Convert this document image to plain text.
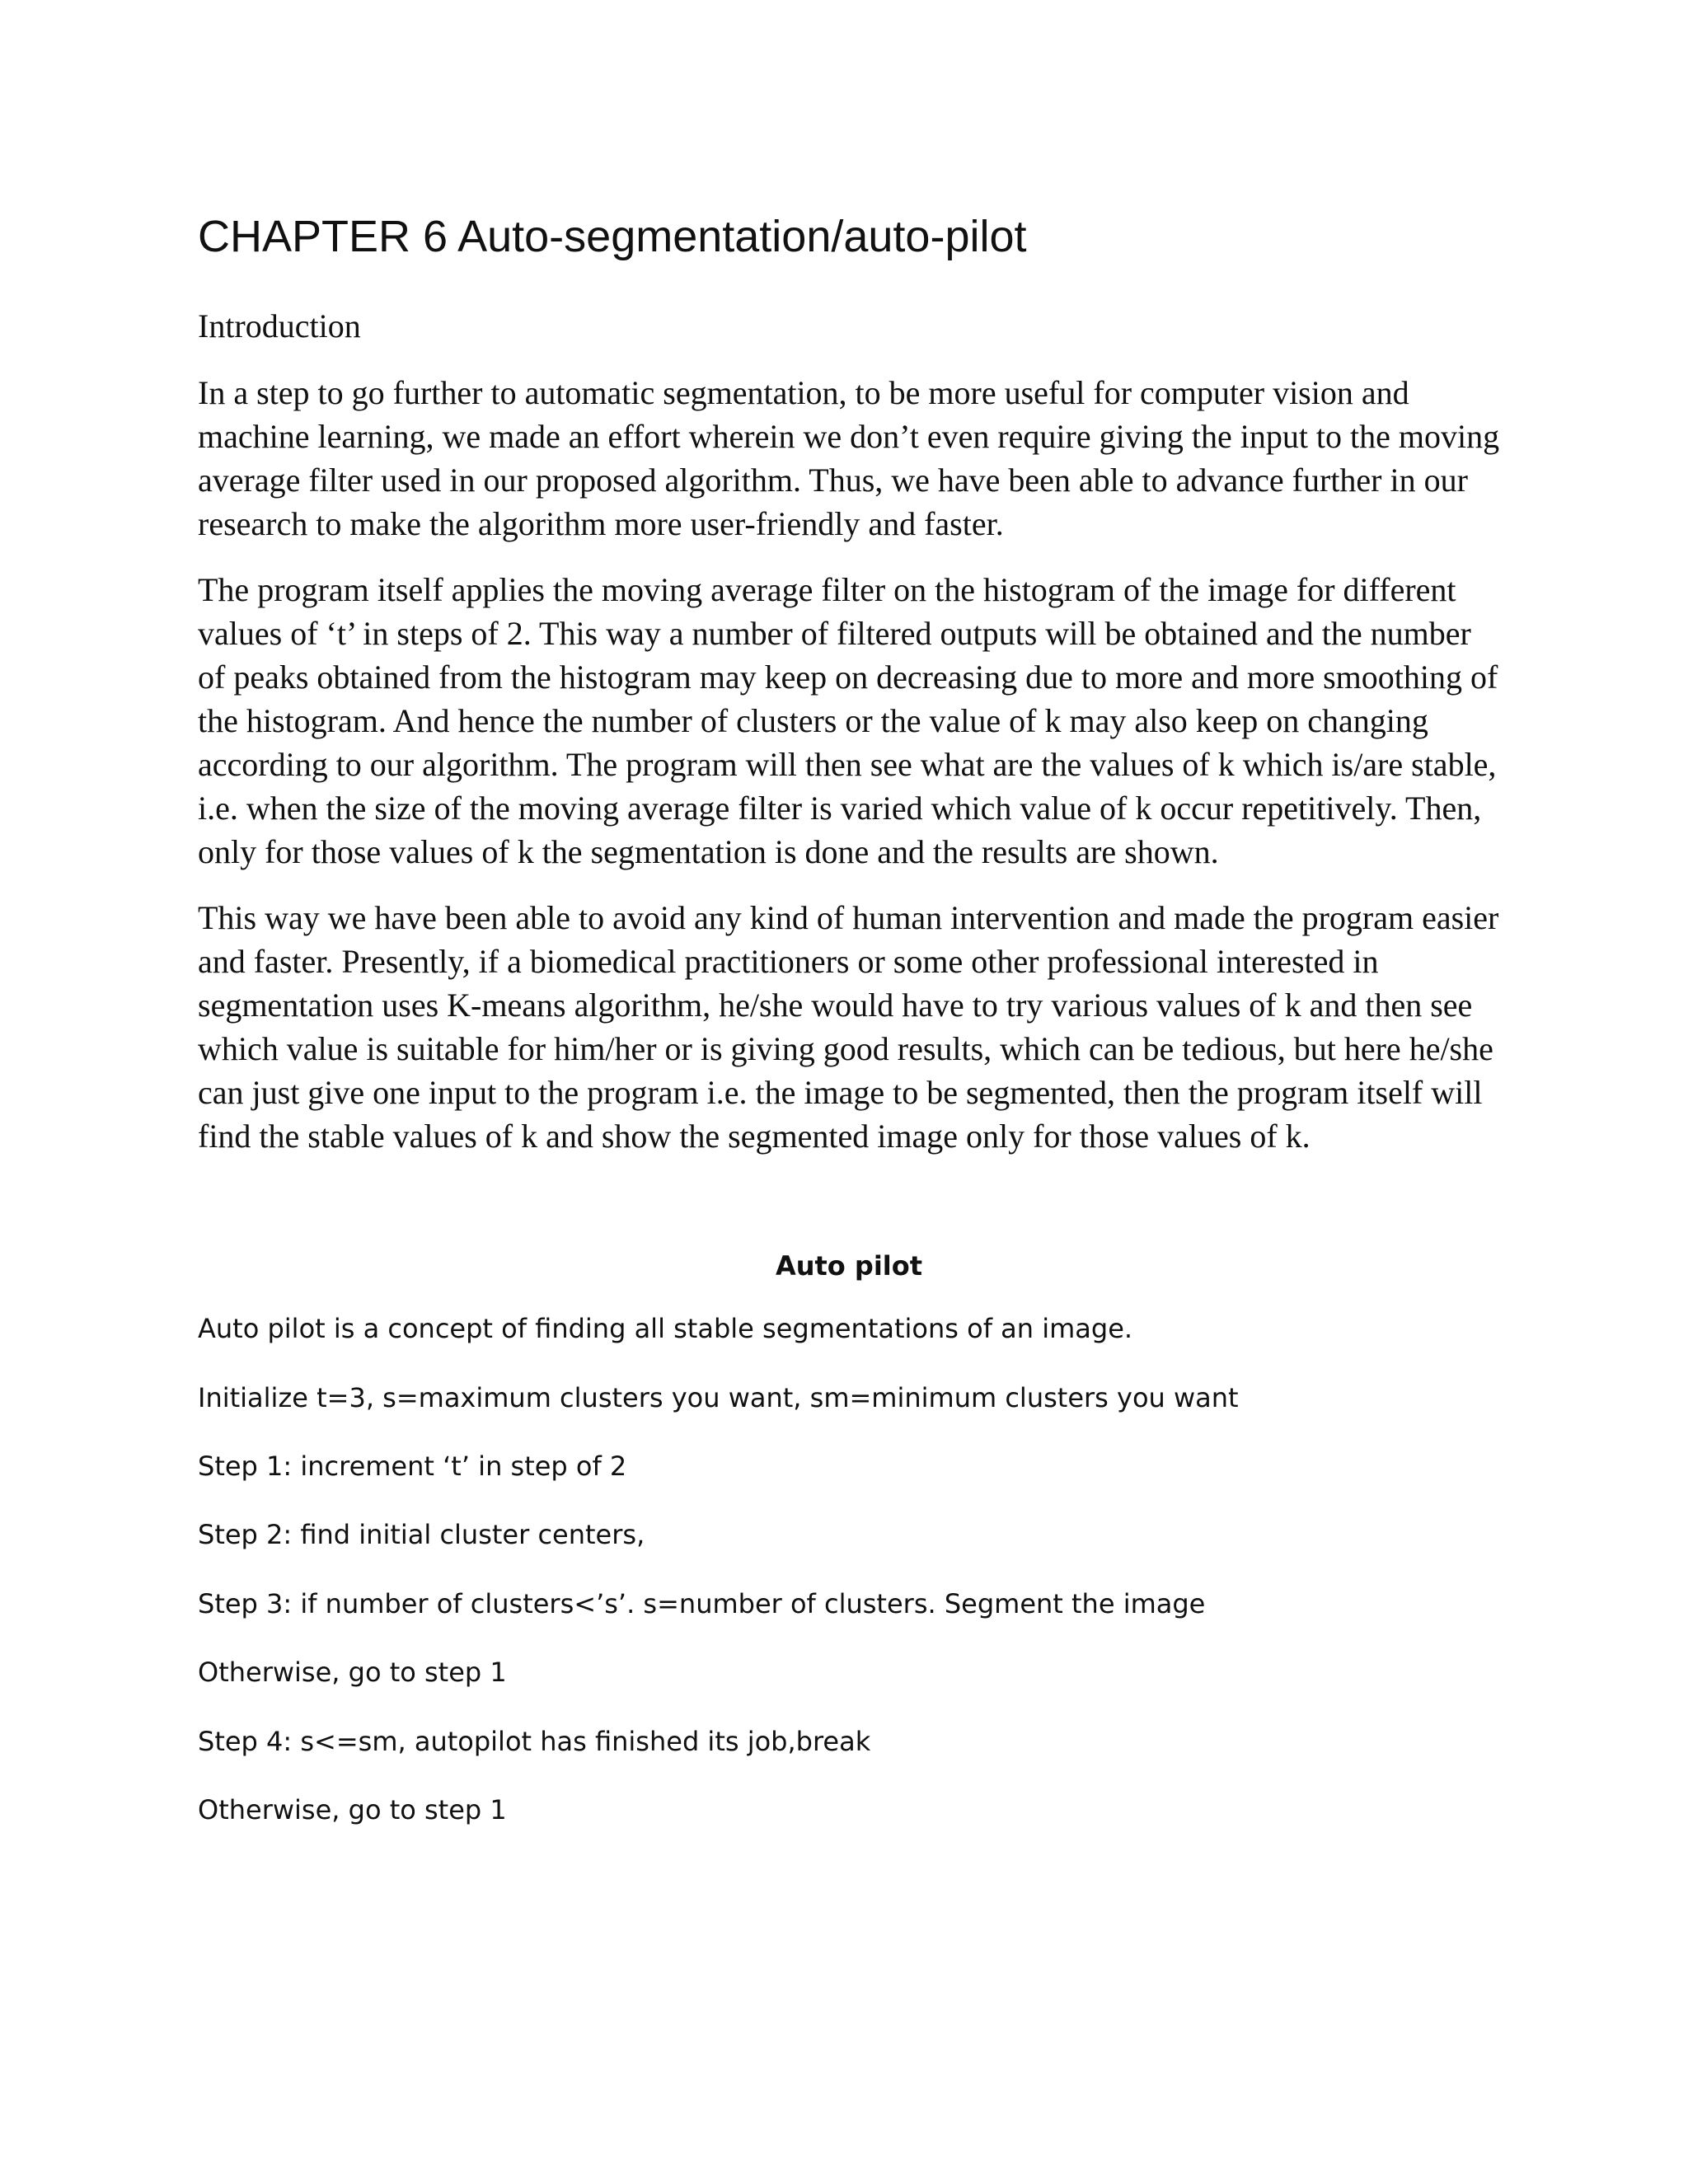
CHAPTER 6 Auto-segmentation/auto-pilot
Introduction

In a step to go further to automatic segmentation, to be more useful for computer vision and machine learning, we made an effort wherein we don’t even require giving the input to the moving average filter used in our proposed algorithm. Thus, we have been able to advance further in our research to make the algorithm more user-friendly and faster.

The program itself applies the moving average filter on the histogram of the image for different values of ‘t’ in steps of 2. This way a number of filtered outputs will be obtained and the number of peaks obtained from the histogram may keep on decreasing due to more and more smoothing of the histogram. And hence the number of clusters or the value of k may also keep on changing according to our algorithm. The program will then see what are the values of k which is/are stable, i.e. when the size of the moving average filter is varied which value of k occur repetitively. Then, only for those values of k the segmentation is done and the results are shown.

This way we have been able to avoid any kind of human intervention and made the program easier and faster. Presently, if a biomedical practitioners or some other professional interested in segmentation uses K-means algorithm, he/she would have to try various values of k and then see which value is suitable for him/her or is giving good results, which can be tedious, but here he/she can just give one input to the program i.e. the image to be segmented, then the program itself will find the stable values of k and show the segmented image only for those values of k.

Auto pilot
Auto pilot is a concept of finding all stable segmentations of an image.
Initialize t=3, s=maximum clusters you want, sm=minimum clusters you want
Step 1: increment ‘t’ in step of 2
Step 2: find initial cluster centers,
Step 3: if number of clusters<’s’. s=number of clusters. Segment the image
Otherwise, go to step 1
Step 4: s<=sm, autopilot has finished its job,break
Otherwise, go to step 1
